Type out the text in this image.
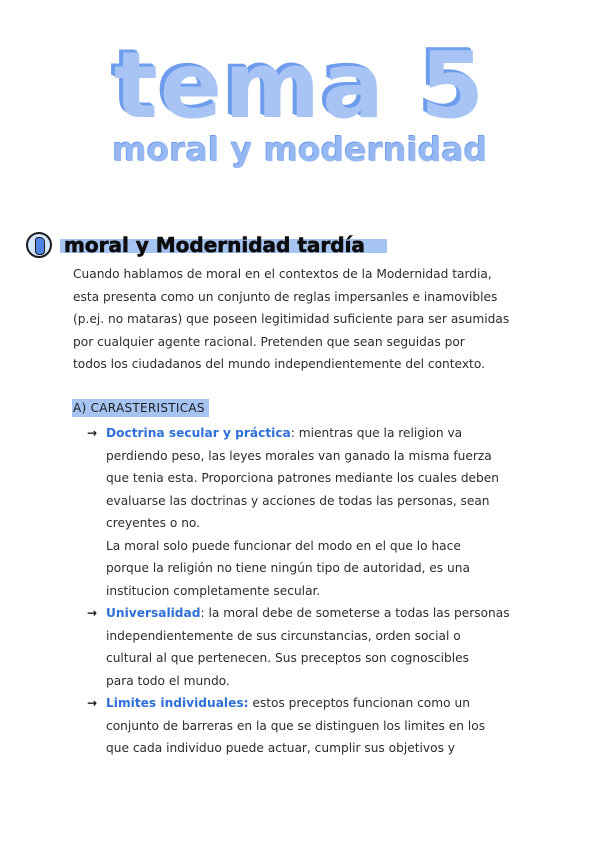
tema 5
moral y modernidad
moral y Modernidad tardía
Cuando hablamos de moral en el contextos de la Modernidad tardia,
esta presenta como un conjunto de reglas impersanles e inamovibles
(p.ej. no mataras) que poseen legitimidad suficiente para ser asumidas
por cualquier agente racional. Pretenden que sean seguidas por
todos los ciudadanos del mundo independientemente del contexto.
A) CARASTERISTICAS
→ Doctrina secular y práctica: mientras que la religion va
perdiendo peso, las leyes morales van ganado la misma fuerza
que tenia esta. Proporciona patrones mediante los cuales deben
evaluarse las doctrinas y acciones de todas las personas, sean
creyentes o no.
La moral solo puede funcionar del modo en el que lo hace
porque la religión no tiene ningún tipo de autoridad, es una
institucion completamente secular.
→ Universalidad: la moral debe de someterse a todas las personas
independientemente de sus circunstancias, orden social o
cultural al que pertenecen. Sus preceptos son cognoscibles
para todo el mundo.
→ Limites individuales: estos preceptos funcionan como un
conjunto de barreras en la que se distinguen los limites en los
que cada individuo puede actuar, cumplir sus objetivos y
